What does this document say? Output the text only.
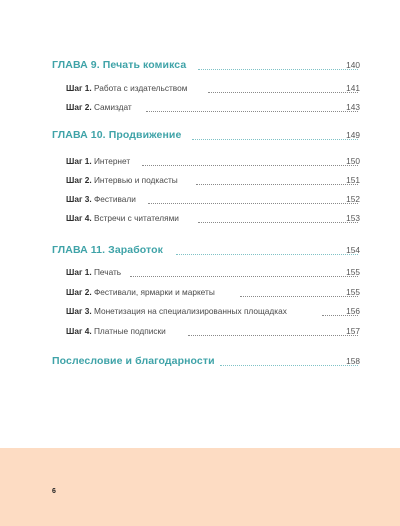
ГЛАВА 9. Печать комикса	140
Шаг 1. Работа с издательством	141
Шаг 2. Самиздат	143
ГЛАВА 10. Продвижение	149
Шаг 1. Интернет	150
Шаг 2. Интервью и подкасты	151
Шаг 3. Фестивали	152
Шаг 4. Встречи с читателями	153
ГЛАВА 11. Заработок	154
Шаг 1. Печать	155
Шаг 2. Фестивали, ярмарки и маркеты	155
Шаг 3. Монетизация на специализированных площадках	156
Шаг 4. Платные подписки	157
Послесловие и благодарности	158
6
